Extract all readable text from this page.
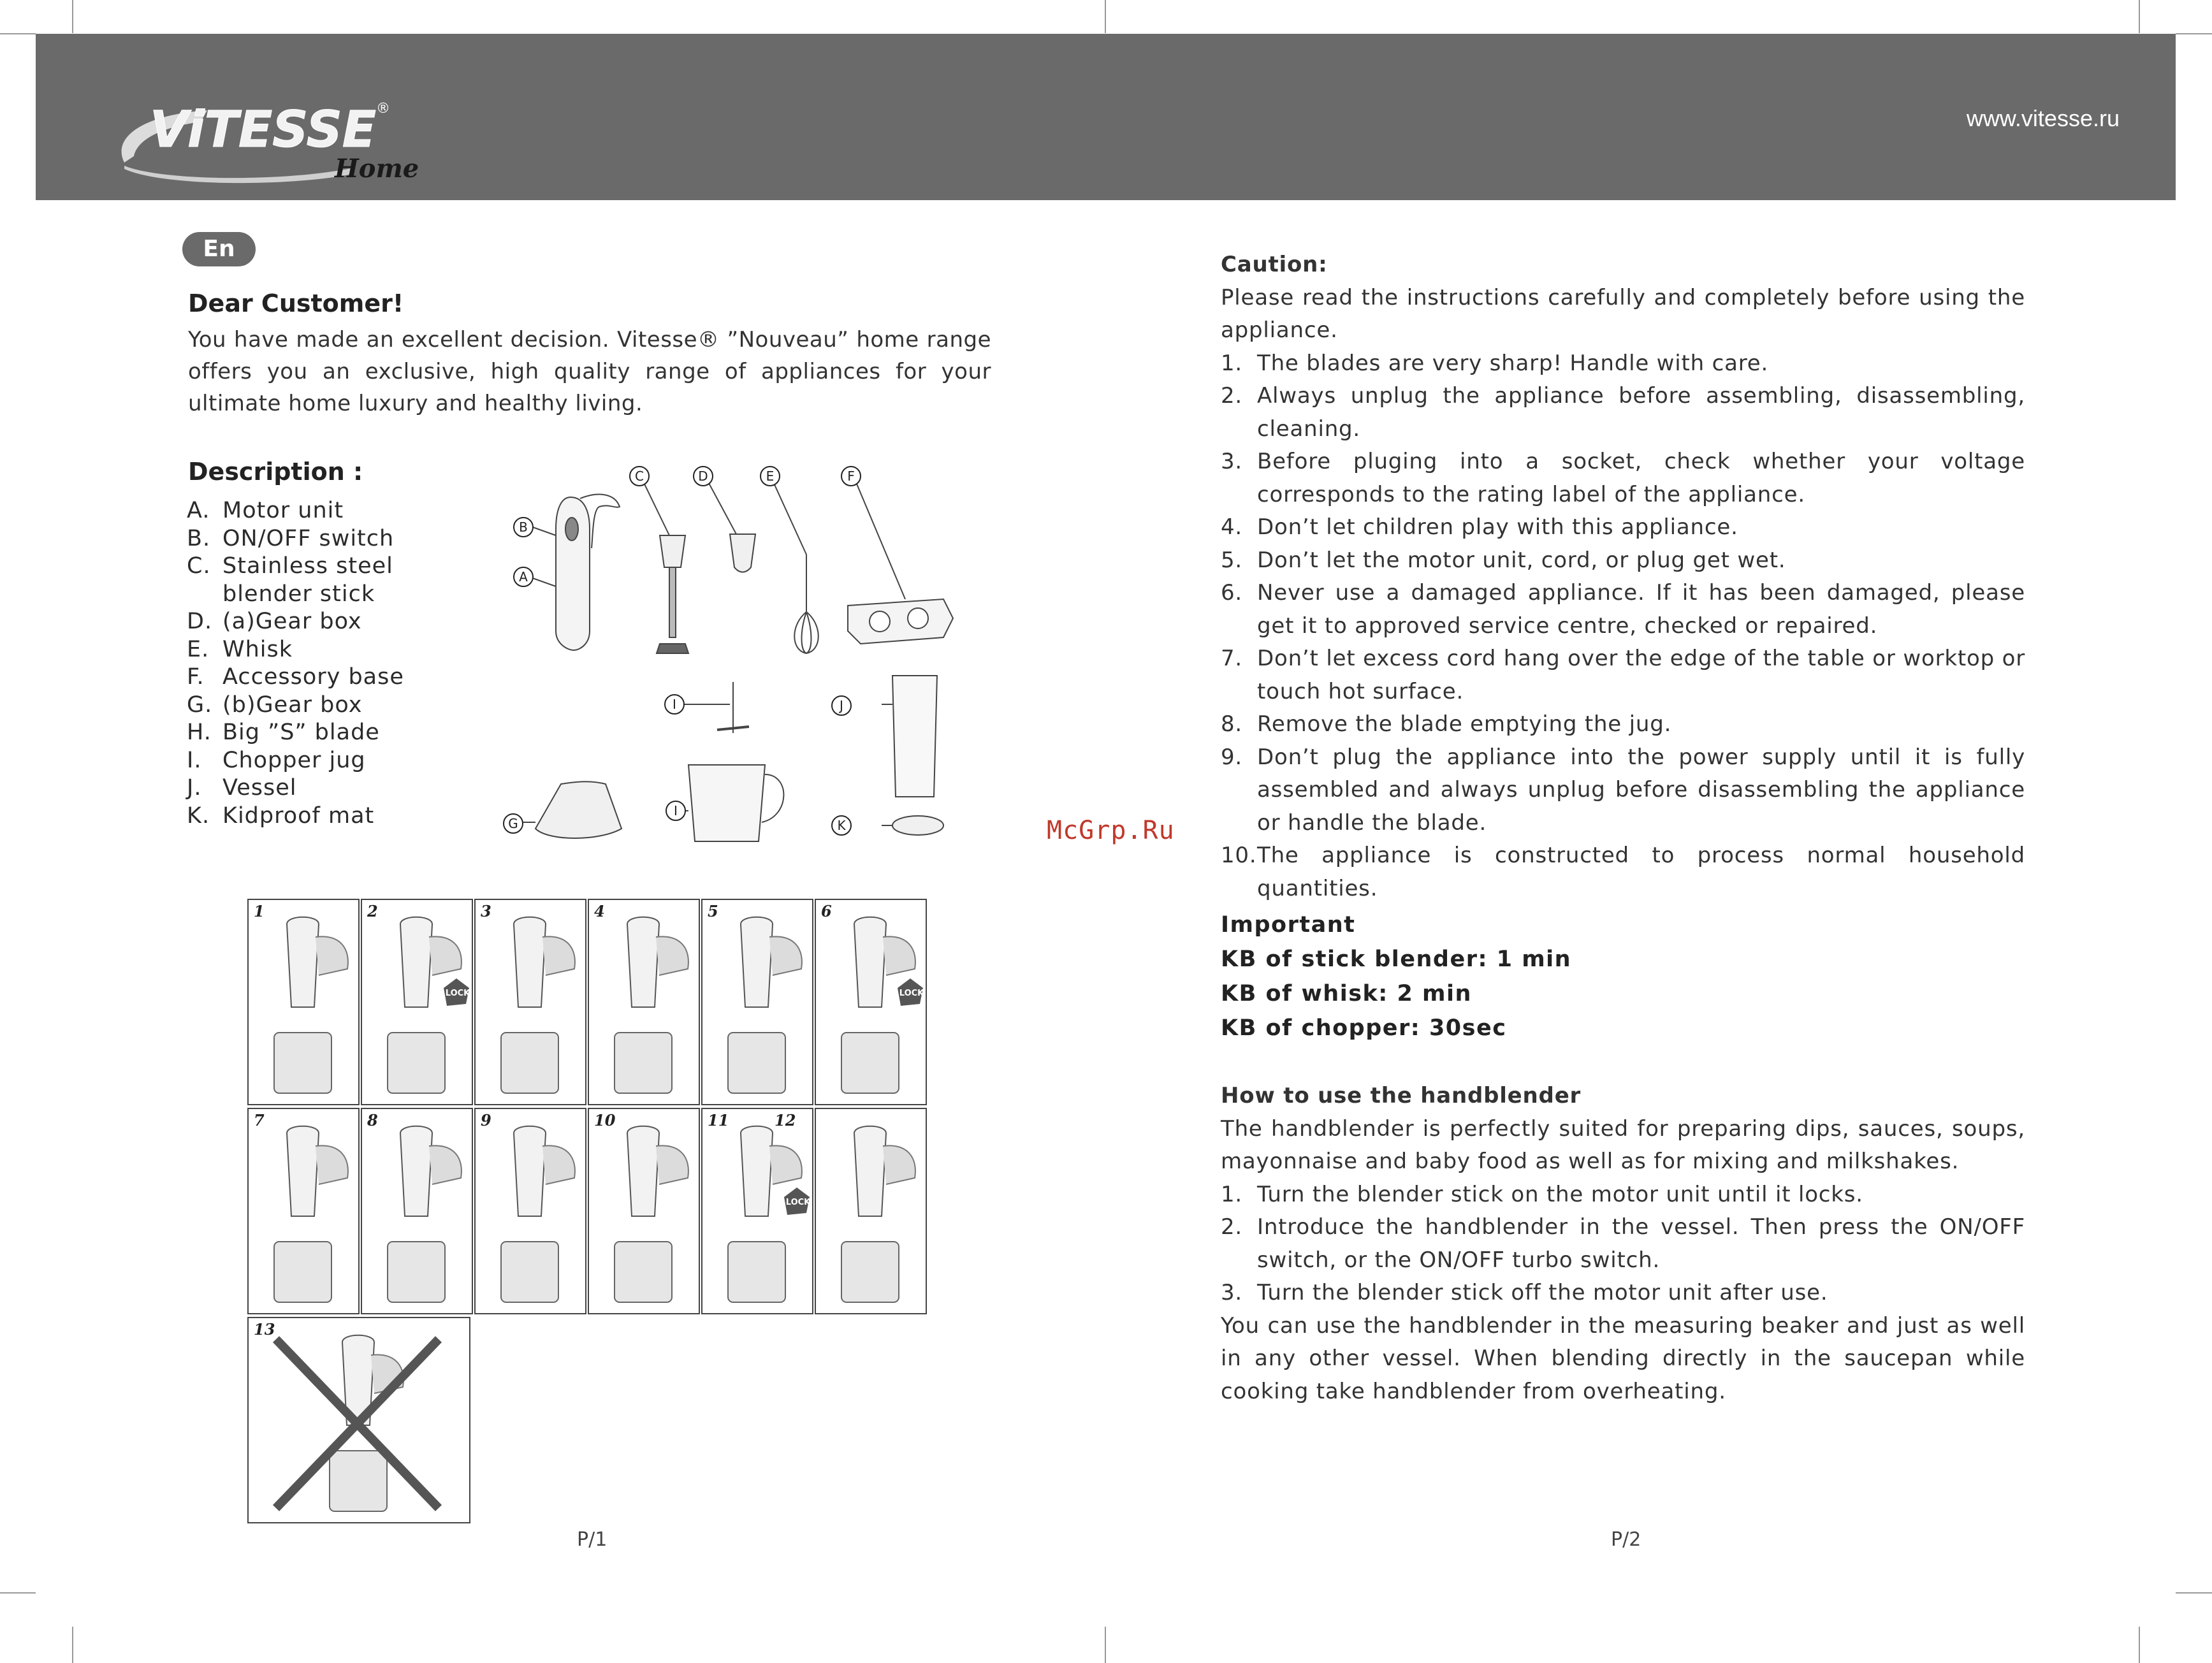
ViTESSE ®
Home
www.vitesse.ru
En
Dear Customer!

You have made an excellent decision. Vitesse® ”Nouveau” home range offers you an exclusive, high quality range of appliances for your ultimate home luxury and healthy living.

Description :
A. Motor unit
B. ON/OFF switch
C. Stainless steel
blender stick
D. (a)Gear box
E. Whisk
F. Accessory base
G. (b)Gear box
H. Big ”S” blade
I. Chopper jug
J. Vessel
K. Kidproof mat
B
A
C	D	E	F
I	J
G
I
K
1	2
LOCK
3	4	5	6
LOCK
7	8	9	10	11	12
LOCK
13
McGrp.Ru

Caution:

Please read the instructions carefully and completely before using the appliance.

1. The blades are very sharp! Handle with care.
2. Always unplug the appliance before assembling, disassembling, cleaning.
3. Before pluging into a socket, check whether your voltage corresponds to the rating label of the appliance.
4. Don’t let children play with this appliance.
5. Don’t let the motor unit, cord, or plug get wet.
6. Never use a damaged appliance. If it has been damaged, please get it to approved service centre, checked or repaired.
7. Don’t let excess cord hang over the edge of the table or worktop or touch hot surface.
8. Remove the blade emptying the jug.
9. Don’t plug the appliance into the power supply until it is fully assembled and always unplug before disassembling the appliance or handle the blade.
10. The appliance is constructed to process normal household quantities.
Important
KB of stick blender: 1 min
KB of whisk: 2 min
KB of chopper: 30sec

How to use the handblender

The handblender is perfectly suited for preparing dips, sauces, soups, mayonnaise and baby food as well as for mixing and milkshakes.

1. Turn the blender stick on the motor unit until it locks.
2. Introduce the handblender in the vessel. Then press the ON/OFF switch, or the ON/OFF turbo switch.
3. Turn the blender stick off the motor unit after use.

You can use the handblender in the measuring beaker and just as well in any other vessel. When blending directly in the saucepan while cooking take handblender from overheating.

P/1	P/2
